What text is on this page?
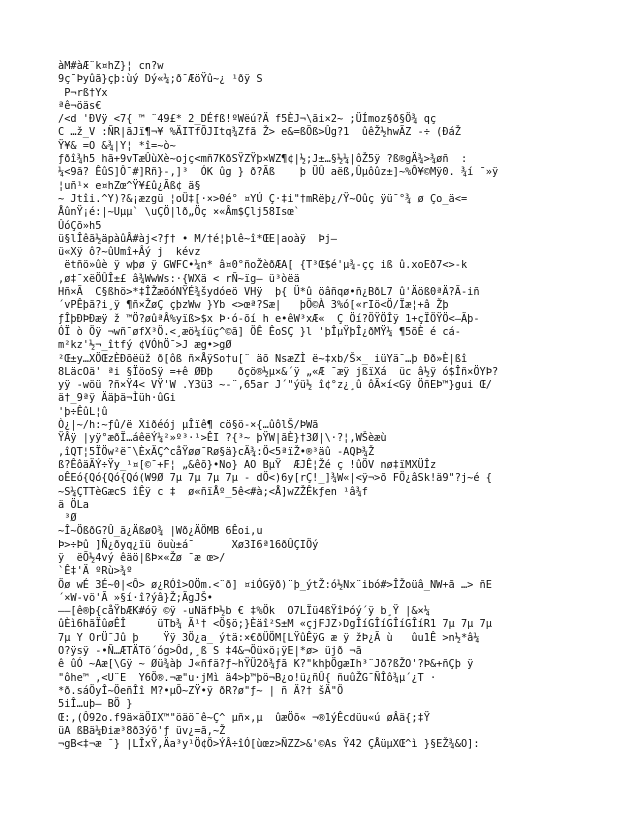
àM#àÆ¨k¤hZ}¦ cn?w
9ç¯Þyûã}çþ:ùý Dý«¼;ð¯ÆöŸû~¿ ¹ðÿ S
P¬rß†Yx
ªê¬öäs€
/<d 'ÐVÿ <7{ ™ ¨49£* 2_DÉfß!ºWëú?Ä f5ÈJ¬\ãi×2~ ;ÜÍmoz§ð§Ö¾ qç
C …ž_V :ÑR|ãJï¶¬¥ %ÄITfÕJItq¾Zfã Ž> e&=ßÕß>Ûg?1  ûêŽ½hwÃZ -÷ (ÐáŽ
Ÿ¥& =O &¾|Y¦ *î=~ò~
ƒðî¾h5 hã+9vTæÛùXè~ojç<mñ7KðSŸZŸþ×WZ¶¢|½;J±…§½¼|ôŽ5ÿ ?ß®gÄ¾>¾øñ  :
¼<9ã? ÊûS]Ô¯#]Rñ}-,]³  ÓK ûg } ð?Ãß    þ ÜÛ aëß,Ûµôûz±]~%Ô¥©Mÿ0. ¾í ¯»ÿ
¦uñ¹× e¤hZœ^Ÿ¥£û¿Ãß¢ ä§
~ Jtîi.^Y)?&¡æzgü ¦oÜ‡[·×>0é° ¤YÚ Ç·‡i"†mRëþ¿/Ÿ~Oûç ÿü¯°¾ ø Ço_ä<=
ÅûnŸ¡é:|~Uµµ` \uÇÖ|lð„Öç ×«Âm$Çlj58Isœ`
ÛóÇõ»h5
ü§lÎêã½äpàûÂ#àj<?ƒ† • M/†é¦þlê~î*ŒE|aoàÿ  Þj—
ü«Xÿ ô?~ûUmî+Âý j  kévz
ëtñö»ûè ÿ wþø ÿ GWFC•¼n* â¤0°ñoŽèðÆA[ {T³Œ$é'µ¾-çç iß û.xoEð7<>-k
,ø‡¯xëÖÛÎ±£ â¾WwWs:·{WXä < rÑ~ïg— ü³òëä
Hñ×Ã  C§ßhö>*‡ÎŽæõóNŸÉ¾šydóeö VHÿ  þ{ Ü*û öâñqø•ñ¿BðL7 û'Äöß0ªÄ?Ã-iñ
´vPÊþã?i¸ÿ ¶ñ×ŽøÇ çþzWw }Yb <>œª?Sæ|   þÖ©À 3%ó[«rIö<Ö/Ïæ¦+â Žþ
ƒÎþÐÞÐæÿ ž ™Ö?øûªÂ%yïß>$x Þ·ó-õí h e•êW³xÆ«  Ç Öí?ÖŸÖÎÿ 1+çÏÖŸÖ<—Ãþ-
ÓÏ ò Öÿ ¬wñ¯øfX³Ö.<¸æö¼íüç^©ã] ÖÊ ÊoSÇ }l 'þÎµŸþÎ¿ðMŸ¼ ¶5õÈ é cá-
m²kz'½¬_îtfý ¢VÓhÖ¯>J æg•>gØ
²Œ±y…XÖŒzÈÐõëüž ð[ôß ñ×ÅÿSo†u[¨ äõ NsæZÌ ë~‡xb/Š×_ iüYä¯…þ Ðð»È|ßî
8LäcOä' ªi §ÏöoSÿ =+ê ØÐþ    ðçö®½µ×&´ÿ „«Æ ¯æÿ jßïXá  üc â½ÿ ó$Îñ×ÖYÞ?
yÿ -wöü ?ñ×Ÿ4< VŸ'W .Y3ü3 ~-¨,65ar J´"ýü½ î¢°z¿¸û ôÃ×í<Gÿ ÖñEÞ™}gui Œ/
ä†_9ªÿ Ääþä¬Ìüh·ûGi
'þ÷ÊûL¦û
Ò¿|~/h:~ƒû/ë Xiðéój µÎïê¶ cö§ö-×{…ûôlŠ/ÞWã
ŸÂÿ |yÿ°æðÏ…áêëÝ¼²»º³·¹>ÊI ?{³~ þŸW|ãÈ}†3Ø|\·?¦,WŠèæù
,îQT¦5ÏÖw²ë¯\ÈxÄÇ^cåŸøø¯Rø§ä}cÄ¾:Ö<5ªïŽ•®³äû -AQÞ¾Ž
ß?ÊôäÄÝ÷Ÿy_¹¤[©¯+F¦ „&êõ}•No} AO BµŸ  ÆJÊ¦Žé ç !ûÖV nø‡ïMXÜÎz
oÊEó{Qó{Qó{Qó(W9Ø 7µ 7µ 7µ 7µ - dÖ<)6y[rÇ!_]¾W«|<ÿ¬>õ FÖ¿âSk!ä9"?j~é {
~S¼ÇTTèGæcS îÊÿ c ‡  ø«ñïÅº_5ê<#à;<Å]wZŽÊkƒen ¹â¾f
ä ÖLa
³Ø
~Î~ÖßðG?Û_ã¿ÄßøO¾ |Wð¿ÄÖMB 6Êoi‚u
Þ>÷Þû ]Ñ¿ðyq¿ïü öuù±á¯      Xø3I6ª16ðÛÇIÖý
ÿ  ëÕ½4vý êäö|ßÞ×«Žø ¯æ œ>/
`Ê‡'Ä ºRù>¾º
Öø wÉ 3É~0|<Ô> ø¿RÓî>OÖm.<¨ð] ¤iÓGÿð)¨þ_ýtŽ:ó½Nx¨ibó#>ÎŽoüâ_NW+ã …> ñE
´×W-vö'Ã »§í·î?ýâ}Ž;ÃgJŠ•
——[ê®þ{cåŸbÆK#óÿ ©ÿ -uNäfÞ½b € ‡%Ök  O7LÏü4ßŸîÞóý´ÿ b¸Ÿ |&×¼
ûÈì6hãÏûøÊÎ     üTb¾ Ã¹† <Ö§ö;}Èäî²S±M «çjFJZ›DgÎíGÎíGÎíGÎíR1 7µ 7µ 7µ
7µ Y OrÜ¯Jû þ    Ÿÿ 3Ö¿a_ ýtä:×€ðÜÖM[LŸûÊÿG æ ÿ žÞ¿Ã ù   ûu1Ê >n½*â¼
O?ÿsÿ -•Ñ…ÆTÄTö´óg>Ôd,¸ß S ‡4&¬Öü×ö¡ÿE|*ø> üjð ¬ã
ê ûÓ ~Aæ[\Gÿ ~ Øü¾àþ J«ñfä?ƒ~hŸÜ2ð¾ƒã K?"khþÖgæIh³¨Jð?ßŽO'?Þ&+ñÇþ ÿ
"ôhe™ ,<U¨E  Y6Ö®.¬æ"u·jMì ä4>þ™þö¬B¿o!ü¿ñÛ{ ñuûŽG¯ÑÎô¾µ´¿T ·
*ð.sáÖyÎ~ÖeñÎî M?•µÕ~ZŸ•ÿ ðR?ø"ƒ~ | ñ Ä?† šÄ"Ö
5iÎ…uþ— BÖ }
Œ:,(Ô92o.f9ä×äÖIX™"öäö¯ê~Ç^ µñ×,µ  ûæÖõ« ¬®1ýÊcdüu«ú øÂä{;‡Ÿ
üA ßBä¼Ðiæ³8ð3ýõ'ƒ üv¿=ã,~Ž
¬gB<‡¬æ ¯} |LÎxŸ,Äa³y¹Ö¢Ö>ÝÂ÷îÓ[ùœz>ÑZZ>&'©As Ÿ42 ÇÅüµXŒ^ì }§EŽ¾&O]:
